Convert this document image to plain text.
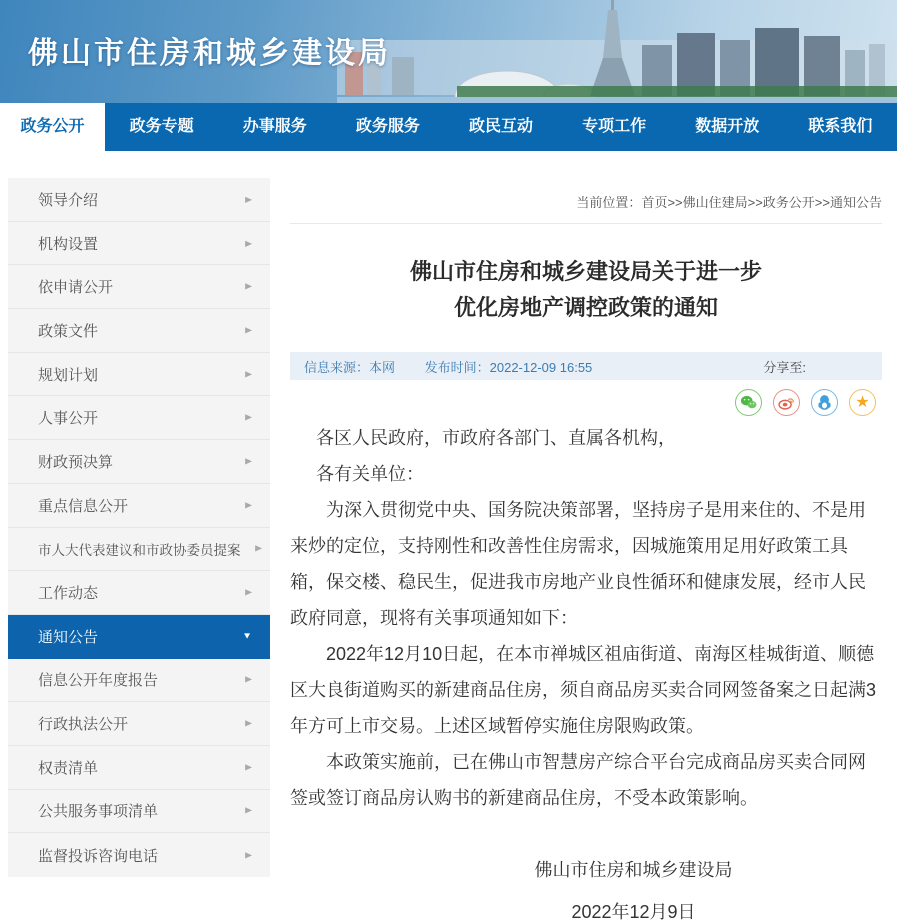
佛山市住房和城乡建设局
政务公开	政务专题	办事服务	政务服务	政民互动	专项工作	数据开放	联系我们
领导介绍	▶
机构设置	▶
依申请公开	▶
政策文件	▶
规划计划	▶
人事公开	▶
财政预决算	▶
重点信息公开	▶
市人大代表建议和市政协委员提案 ▶
工作动态	▶
通知公告	▼
信息公开年度报告	▶
行政执法公开	▶
权责清单	▶
公共服务事项清单	▶
监督投诉咨询电话	▶
当前位置：首页>>佛山住建局>>政务公开>>通知公告
佛山市住房和城乡建设局关于进一步
优化房地产调控政策的通知
信息来源：本网 发布时间：2022-12-09 16:55	分享至:
★

各区人民政府，市政府各部门、直属各机构，

各有关单位：

为深入贯彻党中央、国务院决策部署，坚持房子是用来住的、不是用来炒的定位，支持刚性和改善性住房需求，因城施策用足用好政策工具箱，保交楼、稳民生，促进我市房地产业良性循环和健康发展，经市人民政府同意，现将有关事项通知如下：

2022年12月10日起，在本市禅城区祖庙街道、南海区桂城街道、顺德区大良街道购买的新建商品住房，须自商品房买卖合同网签备案之日起满3年方可上市交易。上述区域暂停实施住房限购政策。

本政策实施前，已在佛山市智慧房产综合平台完成商品房买卖合同网签或签订商品房认购书的新建商品住房，不受本政策影响。

佛山市住房和城乡建设局
2022年12月9日
